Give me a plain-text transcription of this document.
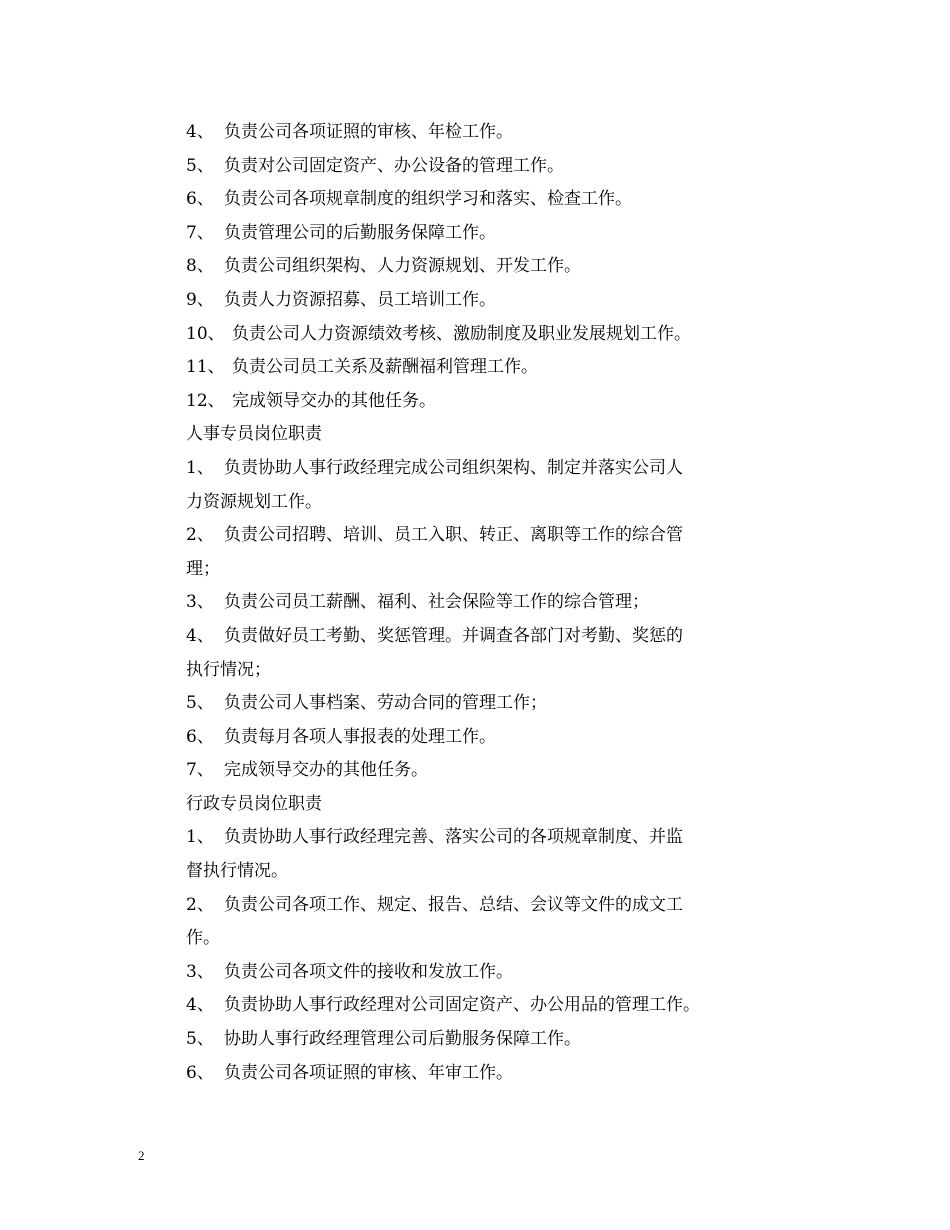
4、 负责公司各项证照的审核、年检工作。
5、 负责对公司固定资产、办公设备的管理工作。
6、 负责公司各项规章制度的组织学习和落实、检查工作。
7、 负责管理公司的后勤服务保障工作。
8、 负责公司组织架构、人力资源规划、开发工作。
9、 负责人力资源招募、员工培训工作。
10、 负责公司人力资源绩效考核、激励制度及职业发展规划工作。
11、 负责公司员工关系及薪酬福利管理工作。
12、 完成领导交办的其他任务。
人事专员岗位职责
1、 负责协助人事行政经理完成公司组织架构、制定并落实公司人
力资源规划工作。
2、 负责公司招聘、培训、员工入职、转正、离职等工作的综合管
理；
3、 负责公司员工薪酬、福利、社会保险等工作的综合管理；
4、 负责做好员工考勤、奖惩管理。并调查各部门对考勤、奖惩的
执行情况；
5、 负责公司人事档案、劳动合同的管理工作；
6、 负责每月各项人事报表的处理工作。
7、 完成领导交办的其他任务。
行政专员岗位职责
1、 负责协助人事行政经理完善、落实公司的各项规章制度、并监
督执行情况。
2、 负责公司各项工作、规定、报告、总结、会议等文件的成文工
作。
3、 负责公司各项文件的接收和发放工作。
4、 负责协助人事行政经理对公司固定资产、办公用品的管理工作。
5、 协助人事行政经理管理公司后勤服务保障工作。
6、 负责公司各项证照的审核、年审工作。
2
